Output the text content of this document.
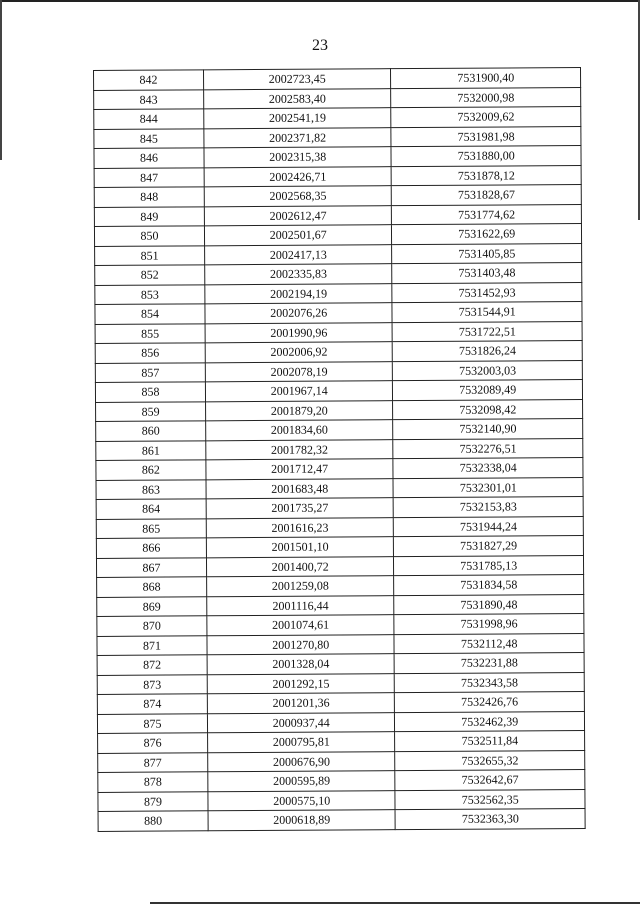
23
842	2002723,45	7531900,40
843	2002583,40	7532000,98
844	2002541,19	7532009,62
845	2002371,82	7531981,98
846	2002315,38	7531880,00
847	2002426,71	7531878,12
848	2002568,35	7531828,67
849	2002612,47	7531774,62
850	2002501,67	7531622,69
851	2002417,13	7531405,85
852	2002335,83	7531403,48
853	2002194,19	7531452,93
854	2002076,26	7531544,91
855	2001990,96	7531722,51
856	2002006,92	7531826,24
857	2002078,19	7532003,03
858	2001967,14	7532089,49
859	2001879,20	7532098,42
860	2001834,60	7532140,90
861	2001782,32	7532276,51
862	2001712,47	7532338,04
863	2001683,48	7532301,01
864	2001735,27	7532153,83
865	2001616,23	7531944,24
866	2001501,10	7531827,29
867	2001400,72	7531785,13
868	2001259,08	7531834,58
869	2001116,44	7531890,48
870	2001074,61	7531998,96
871	2001270,80	7532112,48
872	2001328,04	7532231,88
873	2001292,15	7532343,58
874	2001201,36	7532426,76
875	2000937,44	7532462,39
876	2000795,81	7532511,84
877	2000676,90	7532655,32
878	2000595,89	7532642,67
879	2000575,10	7532562,35
880	2000618,89	7532363,30
